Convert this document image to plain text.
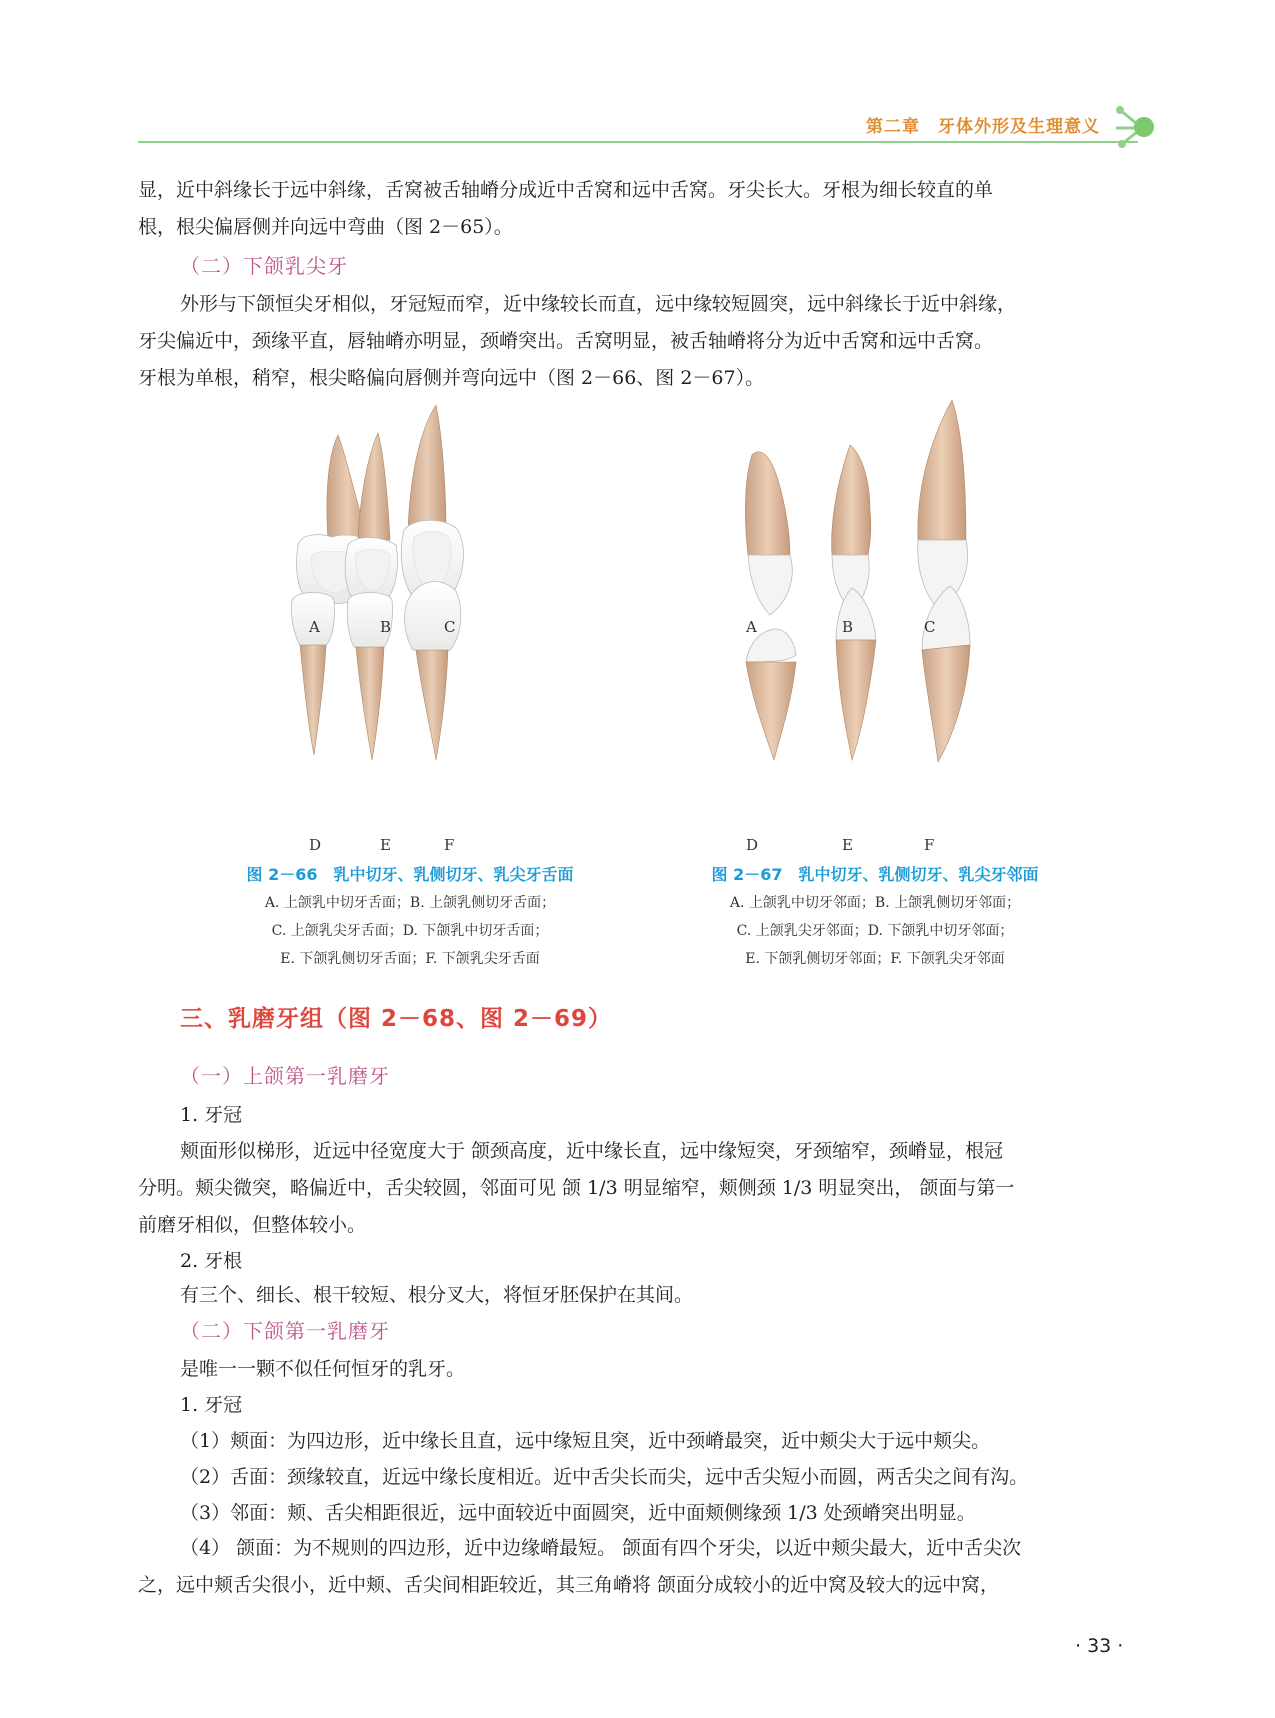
第二章　牙体外形及生理意义
显，近中斜缘长于远中斜缘，舌窝被舌轴嵴分成近中舌窝和远中舌窝。牙尖长大。牙根为细长较直的单
根，根尖偏唇侧并向远中弯曲（图 2－65）。
（二）下颌乳尖牙
外形与下颌恒尖牙相似，牙冠短而窄，近中缘较长而直，远中缘较短圆突，远中斜缘长于近中斜缘，
牙尖偏近中，颈缘平直，唇轴嵴亦明显，颈嵴突出。舌窝明显，被舌轴嵴将分为近中舌窝和远中舌窝。
牙根为单根，稍窄，根尖略偏向唇侧并弯向远中（图 2－66、图 2－67）。
A	B	C
D	E	F
图 2－66　乳中切牙、乳侧切牙、乳尖牙舌面
A. 上颌乳中切牙舌面；B. 上颌乳侧切牙舌面；
C. 上颌乳尖牙舌面；D. 下颌乳中切牙舌面；
E. 下颌乳侧切牙舌面；F. 下颌乳尖牙舌面
A	B	C
D	E	F
图 2－67　乳中切牙、乳侧切牙、乳尖牙邻面
A. 上颌乳中切牙邻面；B. 上颌乳侧切牙邻面；
C. 上颌乳尖牙邻面；D. 下颌乳中切牙邻面；
E. 下颌乳侧切牙邻面；F. 下颌乳尖牙邻面
三、乳磨牙组（图 2－68、图 2－69）
（一）上颌第一乳磨牙
1. 牙冠
颊面形似梯形，近远中径宽度大于 颌颈高度，近中缘长直，远中缘短突，牙颈缩窄，颈嵴显，根冠
分明。颊尖微突，略偏近中，舌尖较圆，邻面可见 颌 1/3 明显缩窄，颊侧颈 1/3 明显突出， 颌面与第一
前磨牙相似，但整体较小。
2. 牙根
有三个、细长、根干较短、根分叉大，将恒牙胚保护在其间。
（二）下颌第一乳磨牙
是唯一一颗不似任何恒牙的乳牙。
1. 牙冠
（1）颊面：为四边形，近中缘长且直，远中缘短且突，近中颈嵴最突，近中颊尖大于远中颊尖。
（2）舌面：颈缘较直，近远中缘长度相近。近中舌尖长而尖，远中舌尖短小而圆，两舌尖之间有沟。
（3）邻面：颊、舌尖相距很近，远中面较近中面圆突，近中面颊侧缘颈 1/3 处颈嵴突出明显。
（4） 颌面：为不规则的四边形，近中边缘嵴最短。 颌面有四个牙尖，以近中颊尖最大，近中舌尖次
之，远中颊舌尖很小，近中颊、舌尖间相距较近，其三角嵴将 颌面分成较小的近中窝及较大的远中窝，
· 33 ·
